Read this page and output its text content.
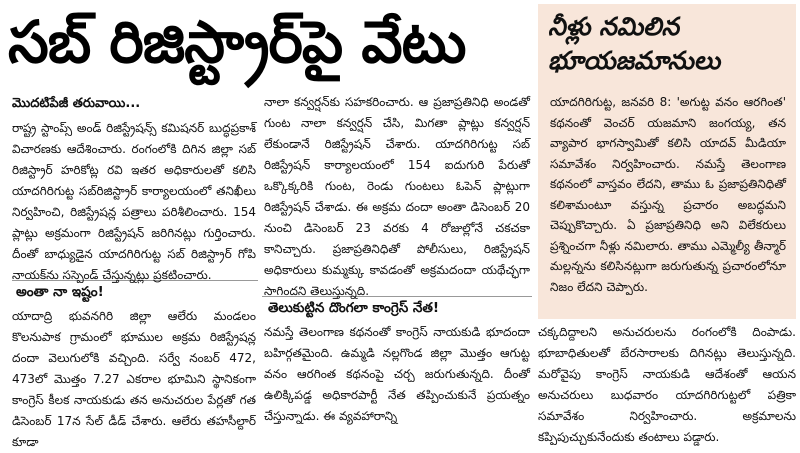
సబ్ రిజిస్ట్రార్‌పై వేటు	నీళ్లు నమిలిన భూయజమానులు

యాదగిరిగుట్ట, జనవరి 8: 'అగుట్ట వనం ఆరగింత' కథనంతో వెంచర్ యజమాని జంగయ్య, తన వ్యాపార భాగస్వామితో కలిసి యాదవ్ మీడియా సమావేశం నిర్వహించారు. నమస్తే తెలంగాణ కథనంలో వాస్తవం లేదని, తాము ఓ ప్రజాప్రతినిధితో కలిశామంటూ వస్తున్న ప్రచారం అబద్ధమని చెప్పుకొచ్చారు. ఏ ప్రజాప్రతినిధి అని విలేకరులు ప్రశ్నించగా నీళ్లు నమిలారు. తాము ఎమ్మెల్యీ తీన్మార్ మల్లన్నను కలిసినట్లుగా జరుగుతున్న ప్రచారంలోనూ నిజం లేదని చెప్పారు.

మొదటిపేజీ తరువాయి...

రాష్ట్ర స్టాంప్స్ అండ్ రిజిస్ట్రేషన్స్ కమిషనర్ బుద్ధప్రకాశ్ విచారణకు ఆదేశించారు. రంగంలోకి దిగిన జిల్లా సబ్ రిజిస్ట్రార్ హరికోట్ల రవి ఇతర అధికారులతో కలిసి యాదగిరిగుట్ట సబ్‌రిజిస్ట్రార్ కార్యాలయంలో తనిఖీలు నిర్వహించి, రిజిస్ట్రేషన్ల పత్రాలు పరిశీలించారు. 154 ప్లాట్లు అక్రమంగా రిజిస్ట్రేషన్ జరిగినట్లు గుర్తించారు. దీంతో బాధ్యుడైన యాదగిరిగుట్ట సబ్ రిజిస్ట్రార్ గోపి నాయక్‌ను సస్పెండ్ చేస్తున్నట్లు ప్రకటించారు.

అంతా నా ఇష్టం!

యాదాద్రి భువనగిరి జిల్లా ఆలేరు మండలం కొలనుపాక గ్రామంలో భూముల అక్రమ రిజిస్ట్రేషన్ల దందా వెలుగులోకి వచ్చింది. సర్వే నంబర్ 472, 473లో మొత్తం 7.27 ఎకరాల భూమిని స్థానికంగా కాంగ్రెస్ కీలక నాయకుడు తన అనుచరుల పేర్లతో గత డిసెంబర్ 17న సేల్ డీడ్ చేశారు. ఆలేరు తహసీల్దార్ కూడా

నాలా కన్వర్షన్‌కు సహకరించారు. ఆ ప్రజాప్రతినిధి అండతో గుంట నాలా కన్వర్షన్ చేసి, మిగతా ప్లాట్లు కన్వర్షన్ లేకుండానే రిజిస్ట్రేషన్ చేశారు. యాదగిరిగుట్ట సబ్ రిజిస్ట్రేషన్ కార్యాలయంలో 154 ఐదుగురి పేరుతో ఒక్కొక్కరికి గుంట, రెండు గుంటలు ఓపెన్ ప్లాట్లుగా రిజిస్ట్రేషన్ చేశాడు. ఈ అక్రమ దందా అంతా డిసెంబర్ 20 నుంచి డిసెంబర్ 23 వరకు 4 రోజుల్లోనే చకచకా కానిచ్చారు. ప్రజాప్రతినిధితో పోలీసులు, రిజిస్ట్రేషన్ అధికారులు కుమ్మక్కు కావడంతో అక్రమదందా యథేచ్ఛగా సాగిందని తెలుస్తున్నది.

తెలుకుట్టిన దొంగలా కాంగ్రెస్ నేత!

నమస్తే తెలంగాణ కథనంతో కాంగ్రెస్ నాయకుడి భూదందా బహిర్గతమైంది. ఉమ్మడి నల్లగొండ జిల్లా మొత్తం ఆగుట్ట వనం ఆరగింత కథనంపై చర్చ జరుగుతున్నది. దీంతో ఉలిక్కిపడ్డ అధికారపార్టీ నేత తప్పించుకునే ప్రయత్నం చేస్తున్నాడు. ఈ వ్యవహారాన్ని

చక్కదిద్దాలని అనుచరులను రంగంలోకి దింపాడు. భూబాధితులతో బేరసారాలకు దిగినట్లు తెలుస్తున్నది. మరోవైపు కాంగ్రెస్ నాయకుడి ఆదేశంతో ఆయన అనుచరులు బుధవారం యాదగిరిగుట్టలో పత్రికా సమావేశం నిర్వహించారు. అక్రమాలను కప్పిపుచ్చుకునేందుకు తంటాలు పడ్డారు.
